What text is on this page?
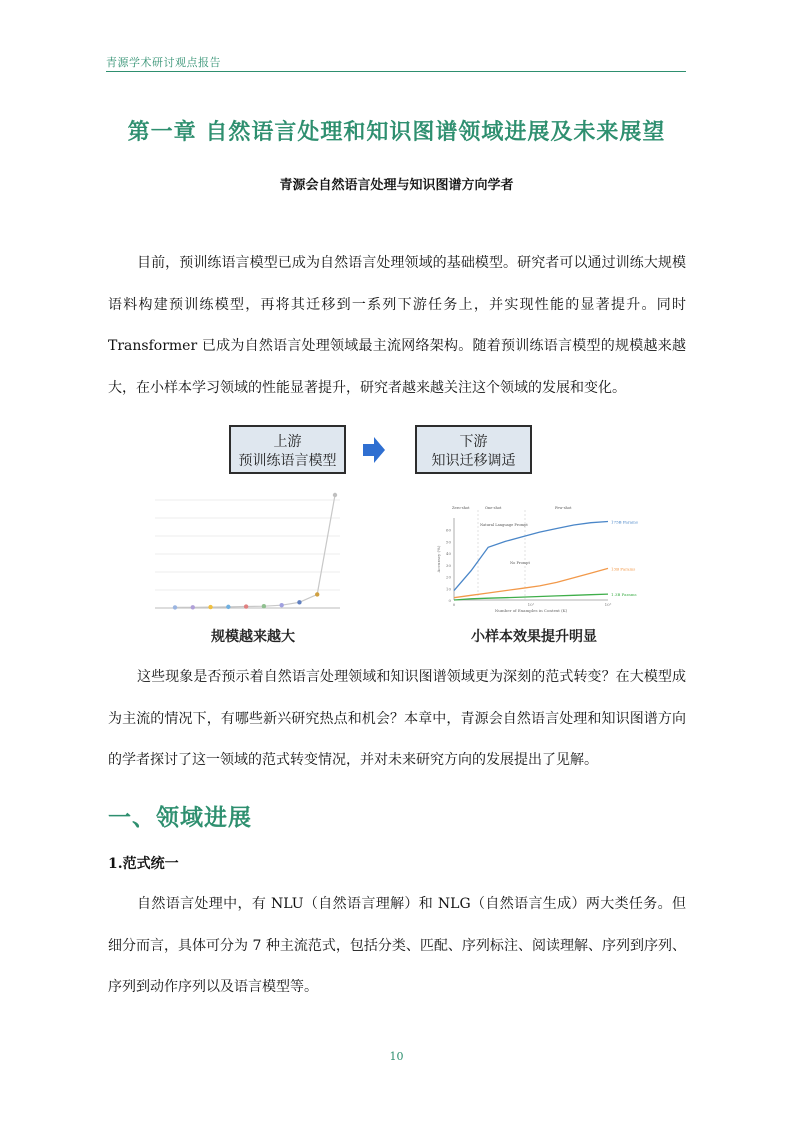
青源学术研讨观点报告
第一章 自然语言处理和知识图谱领域进展及未来展望
青源会自然语言处理与知识图谱方向学者

目前，预训练语言模型已成为自然语言处理领域的基础模型。研究者可以通过训练大规模语料构建预训练模型，再将其迁移到一系列下游任务上，并实现性能的显著提升。同时Transformer 已成为自然语言处理领域最主流网络架构。随着预训练语言模型的规模越来越大，在小样本学习领域的性能显著提升，研究者越来越关注这个领域的发展和变化。

上游
预训练语言模型
下游
知识迁移调适
0
10
20
30
40
50
60
0	10¹	10²
Number of Examples in Context (K)
Accuracy (%)
Zero-shot	One-shot	Few-shot
Natural Language Prompt
No Prompt
175B Params
13B Params
1.3B Params
规模越来越大	小样本效果提升明显

这些现象是否预示着自然语言处理领域和知识图谱领域更为深刻的范式转变？在大模型成为主流的情况下，有哪些新兴研究热点和机会？本章中，青源会自然语言处理和知识图谱方向的学者探讨了这一领域的范式转变情况，并对未来研究方向的发展提出了见解。

一、领域进展
1.范式统一

自然语言处理中，有 NLU（自然语言理解）和 NLG（自然语言生成）两大类任务。但细分而言，具体可分为 7 种主流范式，包括分类、匹配、序列标注、阅读理解、序列到序列、序列到动作序列以及语言模型等。

10
